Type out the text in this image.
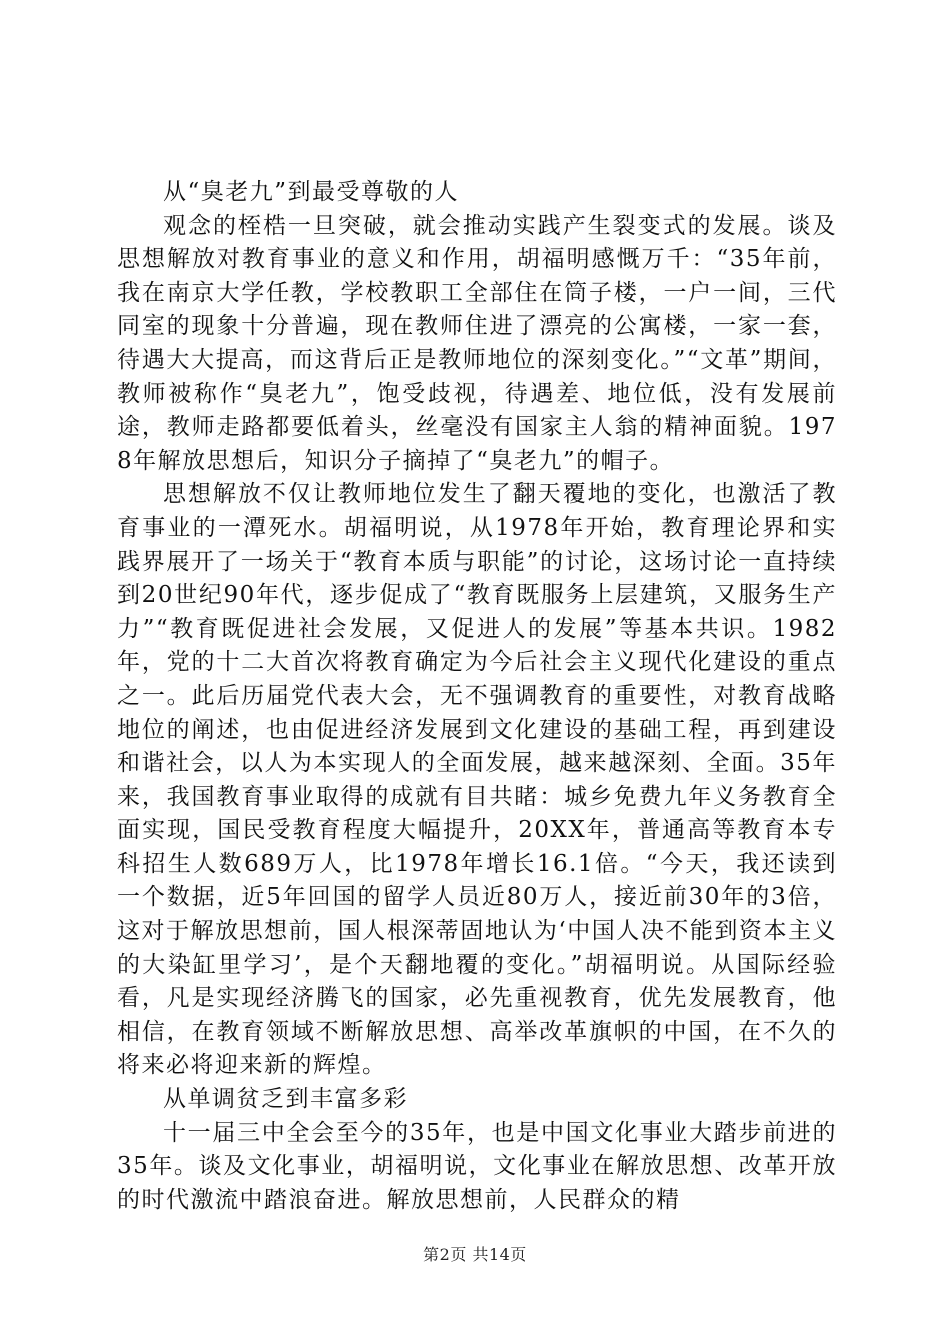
从“臭老九”到最受尊敬的人

观念的桎梏一旦突破，就会推动实践产生裂变式的发展。谈及思想解放对教育事业的意义和作用，胡福明感慨万千：“35年前，我在南京大学任教，学校教职工全部住在筒子楼，一户一间，三代同室的现象十分普遍，现在教师住进了漂亮的公寓楼，一家一套，待遇大大提高，而这背后正是教师地位的深刻变化。”“文革”期间，教师被称作“臭老九”，饱受歧视，待遇差、地位低，没有发展前途，教师走路都要低着头，丝毫没有国家主人翁的精神面貌。1978年解放思想后，知识分子摘掉了“臭老九”的帽子。

思想解放不仅让教师地位发生了翻天覆地的变化，也激活了教育事业的一潭死水。胡福明说，从1978年开始，教育理论界和实践界展开了一场关于“教育本质与职能”的讨论，这场讨论一直持续到20世纪90年代，逐步促成了“教育既服务上层建筑，又服务生产力”“教育既促进社会发展，又促进人的发展”等基本共识。1982年，党的十二大首次将教育确定为今后社会主义现代化建设的重点之一。此后历届党代表大会，无不强调教育的重要性，对教育战略地位的阐述，也由促进经济发展到文化建设的基础工程，再到建设和谐社会，以人为本实现人的全面发展，越来越深刻、全面。35年来，我国教育事业取得的成就有目共睹：城乡免费九年义务教育全面实现，国民受教育程度大幅提升，20XX年，普通高等教育本专科招生人数689万人，比1978年增长16.1倍。“今天，我还读到一个数据，近5年回国的留学人员近80万人，接近前30年的3倍，这对于解放思想前，国人根深蒂固地认为‘中国人决不能到资本主义的大染缸里学习’，是个天翻地覆的变化。”胡福明说。从国际经验看，凡是实现经济腾飞的国家，必先重视教育，优先发展教育，他相信，在教育领域不断解放思想、高举改革旗帜的中国，在不久的将来必将迎来新的辉煌。

从单调贫乏到丰富多彩

十一届三中全会至今的35年，也是中国文化事业大踏步前进的35年。谈及文化事业，胡福明说，文化事业在解放思想、改革开放的时代激流中踏浪奋进。解放思想前，人民群众的精

第2页 共14页
